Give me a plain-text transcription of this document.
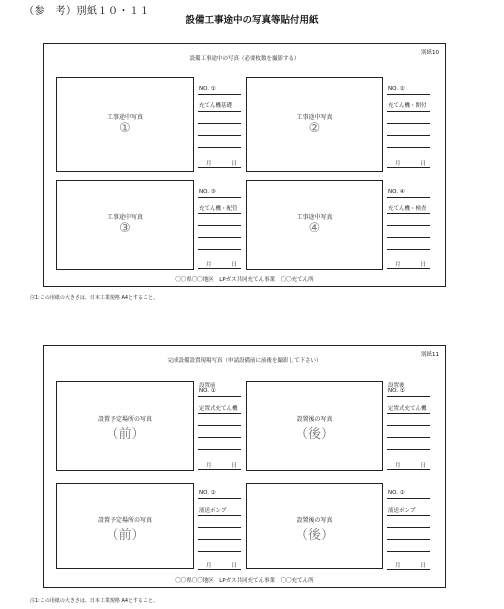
（参　考）別紙１０・１１
設備工事途中の写真等貼付用紙
別紙10
設備工事途中の写真（必要枚数を撮影する）
工事途中写真
①
NO. ①
充てん機基礎
月	日
工事途中写真
②
NO. ②
充てん機・開付
月	日
工事途中写真
③
NO. ③
充てん機・配管
月	日
工事途中写真
④
NO. ④
充てん機・検査
月	日
〇〇県〇〇地区　LPガス共同充てん事業　〇〇充てん所
注1:この用紙の大きさは、日本工業規格 A4とすること。
別紙11
完成設備設置現場写真（申請設備前に前後を撮影して下さい）
設置予定場所の写真
（前）
設置前
NO. ①
定置式充てん機
月	日
設置後の写真
（後）
設置後
NO. ①
定置式充てん機
月	日
設置予定場所の写真
（前）
NO. ②
液送ポンプ
月	日
設置後の写真
（後）
NO. ②
液送ポンプ
月	日
〇〇県〇〇地区　LPガス共同充てん事業　〇〇充てん所
注1:この用紙の大きさは、日本工業規格 A4とすること。
